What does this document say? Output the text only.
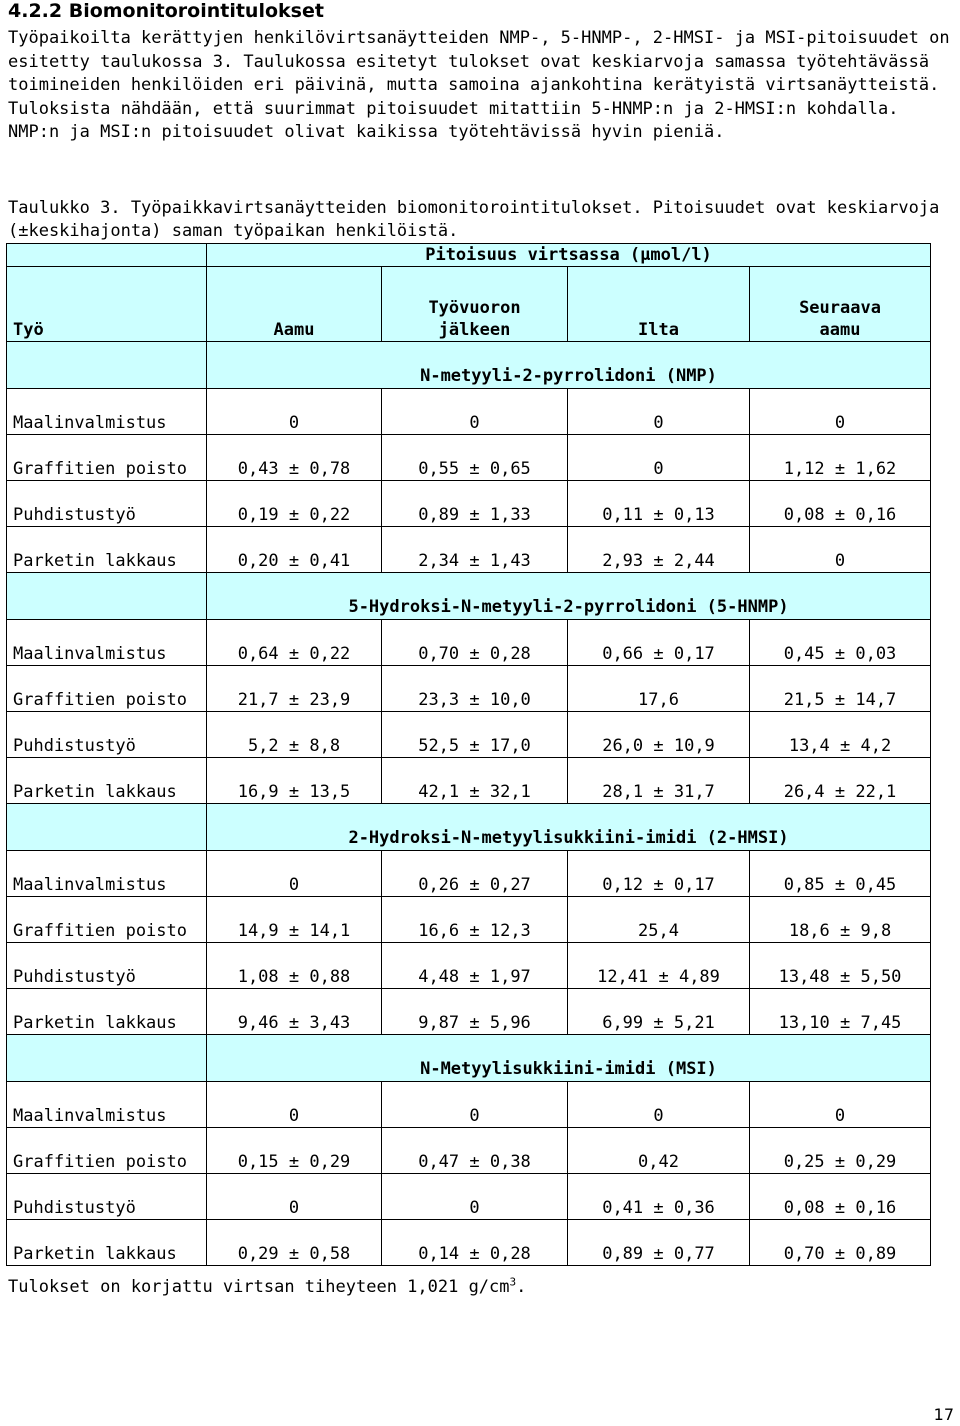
4.2.2 Biomonitorointitulokset
Työpaikoilta kerättyjen henkilövirtsanäytteiden NMP-, 5-HNMP-, 2-HMSI- ja MSI-pitoisuudet on
esitetty taulukossa 3. Taulukossa esitetyt tulokset ovat keskiarvoja samassa työtehtävässä
toimineiden henkilöiden eri päivinä, mutta samoina ajankohtina kerätyistä virtsanäytteistä.
Tuloksista nähdään, että suurimmat pitoisuudet mitattiin 5-HNMP:n ja 2-HMSI:n kohdalla.
NMP:n ja MSI:n pitoisuudet olivat kaikissa työtehtävissä hyvin pieniä.
Taulukko 3. Työpaikkavirtsanäytteiden biomonitorointitulokset. Pitoisuudet ovat keskiarvoja
(±keskihajonta) saman työpaikan henkilöistä.
	Pitoisuus virtsassa (µmol/l)			
Työ	Aamu	Työvuoron
jälkeen	Ilta	Seuraava
aamu
	N-metyyli-2-pyrrolidoni (NMP)			
Maalinvalmistus	0	0	0	0
Graffitien poisto	0,43 ± 0,78	0,55 ± 0,65	0	1,12 ± 1,62
Puhdistustyö	0,19 ± 0,22	0,89 ± 1,33	0,11 ± 0,13	0,08 ± 0,16
Parketin lakkaus	0,20 ± 0,41	2,34 ± 1,43	2,93 ± 2,44	0

	5-Hydroksi-N-metyyli-2-pyrrolidoni (5-HNMP)			
Maalinvalmistus	0,64 ± 0,22	0,70 ± 0,28	0,66 ± 0,17	0,45 ± 0,03
Graffitien poisto	21,7 ± 23,9	23,3 ± 10,0	17,6	21,5 ± 14,7
Puhdistustyö	5,2 ± 8,8	52,5 ± 17,0	26,0 ± 10,9	13,4 ± 4,2
Parketin lakkaus	16,9 ± 13,5	42,1 ± 32,1	28,1 ± 31,7	26,4 ± 22,1

	2-Hydroksi-N-metyylisukkiini-imidi (2-HMSI)			
Maalinvalmistus	0	0,26 ± 0,27	0,12 ± 0,17	0,85 ± 0,45
Graffitien poisto	14,9 ± 14,1	16,6 ± 12,3	25,4	18,6 ± 9,8
Puhdistustyö	1,08 ± 0,88	4,48 ± 1,97	12,41 ± 4,89	13,48 ± 5,50
Parketin lakkaus	9,46 ± 3,43	9,87 ± 5,96	6,99 ± 5,21	13,10 ± 7,45

	N-Metyylisukkiini-imidi (MSI)			
Maalinvalmistus	0	0	0	0
Graffitien poisto	0,15 ± 0,29	0,47 ± 0,38	0,42	0,25 ± 0,29
Puhdistustyö	0	0	0,41 ± 0,36	0,08 ± 0,16
Parketin lakkaus	0,29 ± 0,58	0,14 ± 0,28	0,89 ± 0,77	0,70 ± 0,89
Tulokset on korjattu virtsan tiheyteen 1,021 $g/cm^3$.
17
